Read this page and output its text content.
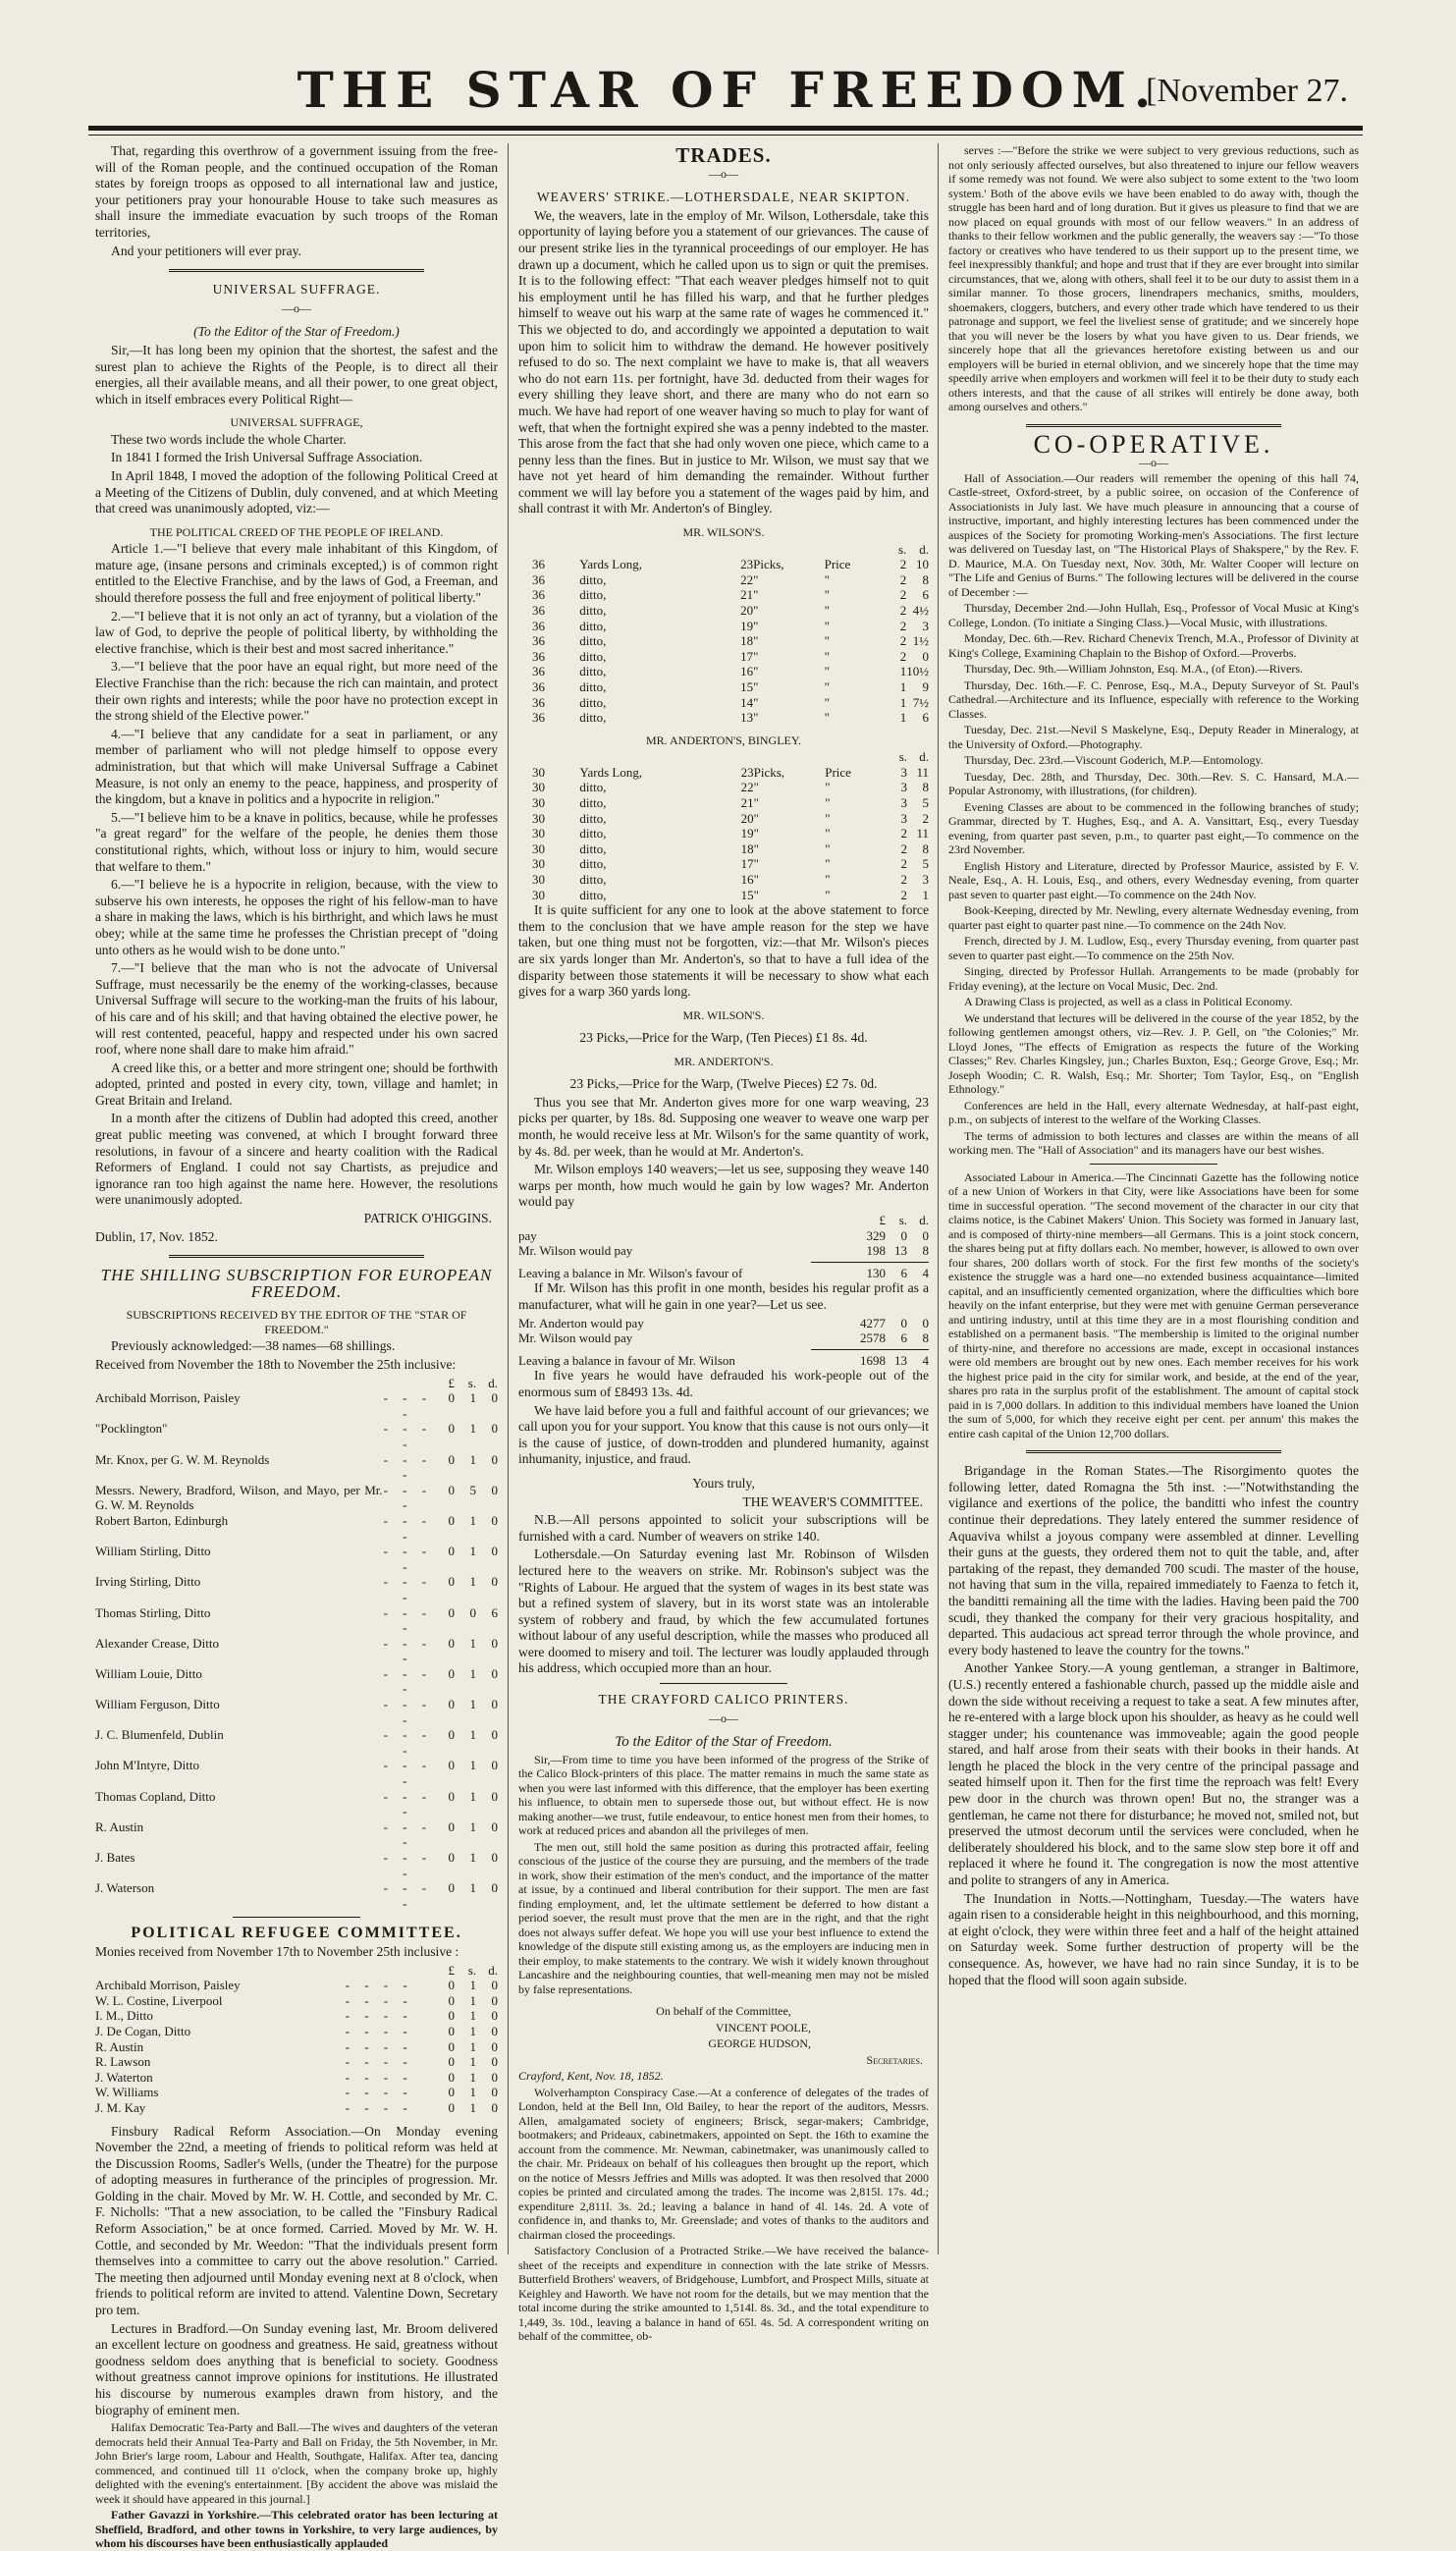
THE STAR OF FREEDOM.
[November 27.

That, regarding this overthrow of a government issuing from the free-will of the Roman people, and the continued occupation of the Roman states by foreign troops as opposed to all international law and justice, your petitioners pray your honourable House to take such measures as shall insure the immediate evacuation by such troops of the Roman territories,

And your petitioners will ever pray.

UNIVERSAL SUFFRAGE.

—o—

(To the Editor of the Star of Freedom.)

Sir,—It has long been my opinion that the shortest, the safest and the surest plan to achieve the Rights of the People, is to direct all their energies, all their available means, and all their power, to one great object, which in itself embraces every Political Right—

UNIVERSAL SUFFRAGE,

These two words include the whole Charter.

In 1841 I formed the Irish Universal Suffrage Association.

In April 1848, I moved the adoption of the following Political Creed at a Meeting of the Citizens of Dublin, duly convened, and at which Meeting that creed was unanimously adopted, viz:—

THE POLITICAL CREED OF THE PEOPLE OF IRELAND.

Article 1.—"I believe that every male inhabitant of this Kingdom, of mature age, (insane persons and criminals excepted,) is of common right entitled to the Elective Franchise, and by the laws of God, a Freeman, and should therefore possess the full and free enjoyment of political liberty."

2.—"I believe that it is not only an act of tyranny, but a violation of the law of God, to deprive the people of political liberty, by withholding the elective franchise, which is their best and most sacred inheritance."

3.—"I believe that the poor have an equal right, but more need of the Elective Franchise than the rich: because the rich can maintain, and protect their own rights and interests; while the poor have no protection except in the strong shield of the Elective power."

4.—"I believe that any candidate for a seat in parliament, or any member of parliament who will not pledge himself to oppose every administration, but that which will make Universal Suffrage a Cabinet Measure, is not only an enemy to the peace, happiness, and prosperity of the kingdom, but a knave in politics and a hypocrite in religion."

5.—"I believe him to be a knave in politics, because, while he professes "a great regard" for the welfare of the people, he denies them those constitutional rights, which, without loss or injury to him, would secure that welfare to them."

6.—"I believe he is a hypocrite in religion, because, with the view to subserve his own interests, he opposes the right of his fellow-man to have a share in making the laws, which is his birthright, and which laws he must obey; while at the same time he professes the Christian precept of "doing unto others as he would wish to be done unto."

7.—"I believe that the man who is not the advocate of Universal Suffrage, must necessarily be the enemy of the working-classes, because Universal Suffrage will secure to the working-man the fruits of his labour, of his care and of his skill; and that having obtained the elective power, he will rest contented, peaceful, happy and respected under his own sacred roof, where none shall dare to make him afraid."

A creed like this, or a better and more stringent one; should be forthwith adopted, printed and posted in every city, town, village and hamlet; in Great Britain and Ireland.

In a month after the citizens of Dublin had adopted this creed, another great public meeting was convened, at which I brought forward three resolutions, in favour of a sincere and hearty coalition with the Radical Reformers of England. I could not say Chartists, as prejudice and ignorance ran too high against the name here. However, the resolutions were unanimously adopted.

PATRICK O'HIGGINS.

Dublin, 17, Nov. 1852.

THE SHILLING SUBSCRIPTION FOR EUROPEAN FREEDOM.

SUBSCRIPTIONS RECEIVED BY THE EDITOR OF THE "STAR OF FREEDOM."

Previously acknowledged:—38 names—68 shillings.

Received from November the 18th to November the 25th inclusive:

		£	s.	d.
Archibald Morrison, Paisley	- - - -	0	1	0
"Pocklington"	- - - -	0	1	0
Mr. Knox, per G. W. M. Reynolds	- - - -	0	1	0
Messrs. Newery, Bradford, Wilson, and Mayo, per Mr. G. W. M. Reynolds	- - - -	0	5	0
Robert Barton, Edinburgh	- - - -	0	1	0
William Stirling, Ditto	- - - -	0	1	0
Irving Stirling, Ditto	- - - -	0	1	0
Thomas Stirling, Ditto	- - - -	0	0	6
Alexander Crease, Ditto	- - - -	0	1	0
William Louie, Ditto	- - - -	0	1	0
William Ferguson, Ditto	- - - -	0	1	0
J. C. Blumenfeld, Dublin	- - - -	0	1	0
John M'Intyre, Ditto	- - - -	0	1	0
Thomas Copland, Ditto	- - - -	0	1	0
R. Austin	- - - -	0	1	0
J. Bates	- - - -	0	1	0
J. Waterson	- - - -	0	1	0

POLITICAL REFUGEE COMMITTEE.

Monies received from November 17th to November 25th inclusive :

		£	s.	d.
Archibald Morrison, Paisley	- - - -	0	1	0
W. L. Costine, Liverpool	- - - -	0	1	0
I. M., Ditto	- - - -	0	1	0
J. De Cogan, Ditto	- - - -	0	1	0
R. Austin	- - - -	0	1	0
R. Lawson	- - - -	0	1	0
J. Waterton	- - - -	0	1	0
W. Williams	- - - -	0	1	0
J. M. Kay	- - - -	0	1	0

Finsbury Radical Reform Association.—On Monday evening November the 22nd, a meeting of friends to political reform was held at the Discussion Rooms, Sadler's Wells, (under the Theatre) for the purpose of adopting measures in furtherance of the principles of progression. Mr. Golding in the chair. Moved by Mr. W. H. Cottle, and seconded by Mr. C. F. Nicholls: "That a new association, to be called the "Finsbury Radical Reform Association," be at once formed. Carried. Moved by Mr. W. H. Cottle, and seconded by Mr. Weedon: "That the individuals present form themselves into a committee to carry out the above resolution." Carried. The meeting then adjourned until Monday evening next at 8 o'clock, when friends to political reform are invited to attend. Valentine Down, Secretary pro tem.

Lectures in Bradford.—On Sunday evening last, Mr. Broom delivered an excellent lecture on goodness and greatness. He said, greatness without goodness seldom does anything that is beneficial to society. Goodness without greatness cannot improve opinions for institutions. He illustrated his discourse by numerous examples drawn from history, and the biography of eminent men.

Halifax Democratic Tea-Party and Ball.—The wives and daughters of the veteran democrats held their Annual Tea-Party and Ball on Friday, the 5th November, in Mr. John Brier's large room, Labour and Health, Southgate, Halifax. After tea, dancing commenced, and continued till 11 o'clock, when the company broke up, highly delighted with the evening's entertainment. [By accident the above was mislaid the week it should have appeared in this journal.]

Father Gavazzi in Yorkshire.—This celebrated orator has been lecturing at Sheffield, Bradford, and other towns in Yorkshire, to very large audiences, by whom his discourses have been enthusiastically applauded

TRADES.

—o—

WEAVERS' STRIKE.—LOTHERSDALE, NEAR SKIPTON.

We, the weavers, late in the employ of Mr. Wilson, Lothersdale, take this opportunity of laying before you a statement of our grievances. The cause of our present strike lies in the tyrannical proceedings of our employer. He has drawn up a document, which he called upon us to sign or quit the premises. It is to the following effect: "That each weaver pledges himself not to quit his employment until he has filled his warp, and that he further pledges himself to weave out his warp at the same rate of wages he commenced it." This we objected to do, and accordingly we appointed a deputation to wait upon him to solicit him to withdraw the demand. He however positively refused to do so. The next complaint we have to make is, that all weavers who do not earn 11s. per fortnight, have 3d. deducted from their wages for every shilling they leave short, and there are many who do not earn so much. We have had report of one weaver having so much to play for want of weft, that when the fortnight expired she was a penny indebted to the master. This arose from the fact that she had only woven one piece, which came to a penny less than the fines. But in justice to Mr. Wilson, we must say that we have not yet heard of him demanding the remainder. Without further comment we will lay before you a statement of the wages paid by him, and shall contrast it with Mr. Anderton's of Bingley.

MR. WILSON'S.

					s.	d.
36	Yards Long,	23	Picks,	Price		2	10
36	ditto,	22	"	"		2	8
36	ditto,	21	"	"		2	6
36	ditto,	20	"	"		2	4½
36	ditto,	19	"	"		2	3
36	ditto,	18	"	"		2	1½
36	ditto,	17	"	"		2	0
36	ditto,	16	"	"		1	10½
36	ditto,	15	"	"		1	9
36	ditto,	14	"	"		1	7½
36	ditto,	13	"	"		1	6

MR. ANDERTON'S, BINGLEY.

					s.	d.
30	Yards Long,	23	Picks,	Price		3	11
30	ditto,	22	"	"		3	8
30	ditto,	21	"	"		3	5
30	ditto,	20	"	"		3	2
30	ditto,	19	"	"		2	11
30	ditto,	18	"	"		2	8
30	ditto,	17	"	"		2	5
30	ditto,	16	"	"		2	3
30	ditto,	15	"	"		2	1

It is quite sufficient for any one to look at the above statement to force them to the conclusion that we have ample reason for the step we have taken, but one thing must not be forgotten, viz:—that Mr. Wilson's pieces are six yards longer than Mr. Anderton's, so that to have a full idea of the disparity between those statements it will be necessary to show what each gives for a warp 360 yards long.

MR. WILSON'S.

23 Picks,—Price for the Warp, (Ten Pieces) £1 8s. 4d.

MR. ANDERTON'S.

23 Picks,—Price for the Warp, (Twelve Pieces) £2 7s. 0d.

Thus you see that Mr. Anderton gives more for one warp weaving, 23 picks per quarter, by 18s. 8d. Supposing one weaver to weave one warp per month, he would receive less at Mr. Wilson's for the same quantity of work, by 4s. 8d. per week, than he would at Mr. Anderton's.

Mr. Wilson employs 140 weavers;—let us see, supposing they weave 140 warps per month, how much would he gain by low wages? Mr. Anderton would pay

	£	s.	d.
pay	329	0	0
Mr. Wilson would pay	198	13	8
Leaving a balance in Mr. Wilson's favour of	130	6	4

If Mr. Wilson has this profit in one month, besides his regular profit as a manufacturer, what will he gain in one year?—Let us see.

Mr. Anderton would pay	4277	0	0
Mr. Wilson would pay	2578	6	8
Leaving a balance in favour of Mr. Wilson	1698	13	4

In five years he would have defrauded his work-people out of the enormous sum of £8493 13s. 4d.

We have laid before you a full and faithful account of our grievances; we call upon you for your support. You know that this cause is not ours only—it is the cause of justice, of down-trodden and plundered humanity, against inhumanity, injustice, and fraud.

Yours truly,

THE WEAVER'S COMMITTEE.

N.B.—All persons appointed to solicit your subscriptions will be furnished with a card. Number of weavers on strike 140.

Lothersdale.—On Saturday evening last Mr. Robinson of Wilsden lectured here to the weavers on strike. Mr. Robinson's subject was the "Rights of Labour. He argued that the system of wages in its best state was but a refined system of slavery, but in its worst state was an intolerable system of robbery and fraud, by which the few accumulated fortunes without labour of any useful description, while the masses who produced all were doomed to misery and toil. The lecturer was loudly applauded through his address, which occupied more than an hour.

THE CRAYFORD CALICO PRINTERS.

—o—

To the Editor of the Star of Freedom.

Sir,—From time to time you have been informed of the progress of the Strike of the Calico Block-printers of this place. The matter remains in much the same state as when you were last informed with this difference, that the employer has been exerting his influence, to obtain men to supersede those out, but without effect. He is now making another—we trust, futile endeavour, to entice honest men from their homes, to work at reduced prices and abandon all the privileges of men.

The men out, still hold the same position as during this protracted affair, feeling conscious of the justice of the course they are pursuing, and the members of the trade in work, show their estimation of the men's conduct, and the importance of the matter at issue, by a continued and liberal contribution for their support. The men are fast finding employment, and, let the ultimate settlement be deferred to how distant a period soever, the result must prove that the men are in the right, and that the right does not always suffer defeat. We hope you will use your best influence to extend the knowledge of the dispute still existing among us, as the employers are inducing men in their employ, to make statements to the contrary. We wish it widely known throughout Lancashire and the neighbouring counties, that well-meaning men may not be misled by false representations.

On behalf of the Committee,

VINCENT POOLE,

GEORGE HUDSON,

Secretaries.

Crayford, Kent, Nov. 18, 1852.

Wolverhampton Conspiracy Case.—At a conference of delegates of the trades of London, held at the Bell Inn, Old Bailey, to hear the report of the auditors, Messrs. Allen, amalgamated society of engineers; Brisck, segar-makers; Cambridge, bootmakers; and Prideaux, cabinetmakers, appointed on Sept. the 16th to examine the account from the commence. Mr. Newman, cabinetmaker, was unanimously called to the chair. Mr. Prideaux on behalf of his colleagues then brought up the report, which on the notice of Messrs Jeffries and Mills was adopted. It was then resolved that 2000 copies be printed and circulated among the trades. The income was 2,815l. 17s. 4d.; expenditure 2,811l. 3s. 2d.; leaving a balance in hand of 4l. 14s. 2d. A vote of confidence in, and thanks to, Mr. Greenslade; and votes of thanks to the auditors and chairman closed the proceedings.

Satisfactory Conclusion of a Protracted Strike.—We have received the balance-sheet of the receipts and expenditure in connection with the late strike of Messrs. Butterfield Brothers' weavers, of Bridgehouse, Lumbfort, and Prospect Mills, situate at Keighley and Haworth. We have not room for the details, but we may mention that the total income during the strike amounted to 1,514l. 8s. 3d., and the total expenditure to 1,449, 3s. 10d., leaving a balance in hand of 65l. 4s. 5d. A correspondent writing on behalf of the committee, ob-

serves :—"Before the strike we were subject to very grevious reductions, such as not only seriously affected ourselves, but also threatened to injure our fellow weavers if some remedy was not found. We were also subject to some extent to the 'two loom system.' Both of the above evils we have been enabled to do away with, though the struggle has been hard and of long duration. But it gives us pleasure to find that we are now placed on equal grounds with most of our fellow weavers." In an address of thanks to their fellow workmen and the public generally, the weavers say :—"To those factory or creatives who have tendered to us their support up to the present time, we feel inexpressibly thankful; and hope and trust that if they are ever brought into similar circumstances, that we, along with others, shall feel it to be our duty to assist them in a similar manner. To those grocers, linendrapers mechanics, smiths, moulders, shoemakers, cloggers, butchers, and every other trade which have tendered to us their patronage and support, we feel the liveliest sense of gratitude; and we sincerely hope that you will never be the losers by what you have given to us. Dear friends, we sincerely hope that all the grievances heretofore existing between us and our employers will be buried in eternal oblivion, and we sincerely hope that the time may speedily arrive when employers and workmen will feel it to be their duty to study each others interests, and that the cause of all strikes will entirely be done away, both among ourselves and others."

CO-OPERATIVE.

—o—

Hall of Association.—Our readers will remember the opening of this hall 74, Castle-street, Oxford-street, by a public soiree, on occasion of the Conference of Associationists in July last. We have much pleasure in announcing that a course of instructive, important, and highly interesting lectures has been commenced under the auspices of the Society for promoting Working-men's Associations. The first lecture was delivered on Tuesday last, on "The Historical Plays of Shakspere," by the Rev. F. D. Maurice, M.A. On Tuesday next, Nov. 30th, Mr. Walter Cooper will lecture on "The Life and Genius of Burns." The following lectures will be delivered in the course of December :—

Thursday, December 2nd.—John Hullah, Esq., Professor of Vocal Music at King's College, London. (To initiate a Singing Class.)—Vocal Music, with illustrations.

Monday, Dec. 6th.—Rev. Richard Chenevix Trench, M.A., Professor of Divinity at King's College, Examining Chaplain to the Bishop of Oxford.—Proverbs.

Thursday, Dec. 9th.—William Johnston, Esq. M.A., (of Eton).—Rivers.

Thursday, Dec. 16th.—F. C. Penrose, Esq., M.A., Deputy Surveyor of St. Paul's Cathedral.—Architecture and its Influence, especially with reference to the Working Classes.

Tuesday, Dec. 21st.—Nevil S Maskelyne, Esq., Deputy Reader in Mineralogy, at the University of Oxford.—Photography.

Thursday, Dec. 23rd.—Viscount Goderich, M.P.—Entomology.

Tuesday, Dec. 28th, and Thursday, Dec. 30th.—Rev. S. C. Hansard, M.A.—Popular Astronomy, with illustrations, (for children).

Evening Classes are about to be commenced in the following branches of study; Grammar, directed by T. Hughes, Esq., and A. A. Vansittart, Esq., every Tuesday evening, from quarter past seven, p.m., to quarter past eight,—To commence on the 23rd November.

English History and Literature, directed by Professor Maurice, assisted by F. V. Neale, Esq., A. H. Louis, Esq., and others, every Wednesday evening, from quarter past seven to quarter past eight.—To commence on the 24th Nov.

Book-Keeping, directed by Mr. Newling, every alternate Wednesday evening, from quarter past eight to quarter past nine.—To commence on the 24th Nov.

French, directed by J. M. Ludlow, Esq., every Thursday evening, from quarter past seven to quarter past eight.—To commence on the 25th Nov.

Singing, directed by Professor Hullah. Arrangements to be made (probably for Friday evening), at the lecture on Vocal Music, Dec. 2nd.

A Drawing Class is projected, as well as a class in Political Economy.

We understand that lectures will be delivered in the course of the year 1852, by the following gentlemen amongst others, viz—Rev. J. P. Gell, on "the Colonies;" Mr. Lloyd Jones, "The effects of Emigration as respects the future of the Working Classes;" Rev. Charles Kingsley, jun.; Charles Buxton, Esq.; George Grove, Esq.; Mr. Joseph Woodin; C. R. Walsh, Esq.; Mr. Shorter; Tom Taylor, Esq., on "English Ethnology."

Conferences are held in the Hall, every alternate Wednesday, at half-past eight, p.m., on subjects of interest to the welfare of the Working Classes.

The terms of admission to both lectures and classes are within the means of all working men. The "Hall of Association" and its managers have our best wishes.

Associated Labour in America.—The Cincinnati Gazette has the following notice of a new Union of Workers in that City, were like Associations have been for some time in successful operation. "The second movement of the character in our city that claims notice, is the Cabinet Makers' Union. This Society was formed in January last, and is composed of thirty-nine members—all Germans. This is a joint stock concern, the shares being put at fifty dollars each. No member, however, is allowed to own over four shares, 200 dollars worth of stock. For the first few months of the society's existence the struggle was a hard one—no extended business acquaintance—limited capital, and an insufficiently cemented organization, where the difficulties which bore heavily on the infant enterprise, but they were met with genuine German perseverance and untiring industry, until at this time they are in a most flourishing condition and established on a permanent basis. "The membership is limited to the original number of thirty-nine, and therefore no accessions are made, except in occasional instances were old members are brought out by new ones. Each member receives for his work the highest price paid in the city for similar work, and beside, at the end of the year, shares pro rata in the surplus profit of the establishment. The amount of capital stock paid in is 7,000 dollars. In addition to this individual members have loaned the Union the sum of 5,000, for which they receive eight per cent. per annum' this makes the entire cash capital of the Union 12,700 dollars.

Brigandage in the Roman States.—The Risorgimento quotes the following letter, dated Romagna the 5th inst. :—"Notwithstanding the vigilance and exertions of the police, the banditti who infest the country continue their depredations. They lately entered the summer residence of Aquaviva whilst a joyous company were assembled at dinner. Levelling their guns at the guests, they ordered them not to quit the table, and, after partaking of the repast, they demanded 700 scudi. The master of the house, not having that sum in the villa, repaired immediately to Faenza to fetch it, the banditti remaining all the time with the ladies. Having been paid the 700 scudi, they thanked the company for their very gracious hospitality, and departed. This audacious act spread terror through the whole province, and every body hastened to leave the country for the towns."

Another Yankee Story.—A young gentleman, a stranger in Baltimore, (U.S.) recently entered a fashionable church, passed up the middle aisle and down the side without receiving a request to take a seat. A few minutes after, he re-entered with a large block upon his shoulder, as heavy as he could well stagger under; his countenance was immoveable; again the good people stared, and half arose from their seats with their books in their hands. At length he placed the block in the very centre of the principal passage and seated himself upon it. Then for the first time the reproach was felt! Every pew door in the church was thrown open! But no, the stranger was a gentleman, he came not there for disturbance; he moved not, smiled not, but preserved the utmost decorum until the services were concluded, when he deliberately shouldered his block, and to the same slow step bore it off and replaced it where he found it. The congregation is now the most attentive and polite to strangers of any in America.

The Inundation in Notts.—Nottingham, Tuesday.—The waters have again risen to a considerable height in this neighbourhood, and this morning, at eight o'clock, they were within three feet and a half of the height attained on Saturday week. Some further destruction of property will be the consequence. As, however, we have had no rain since Sunday, it is to be hoped that the flood will soon again subside.
